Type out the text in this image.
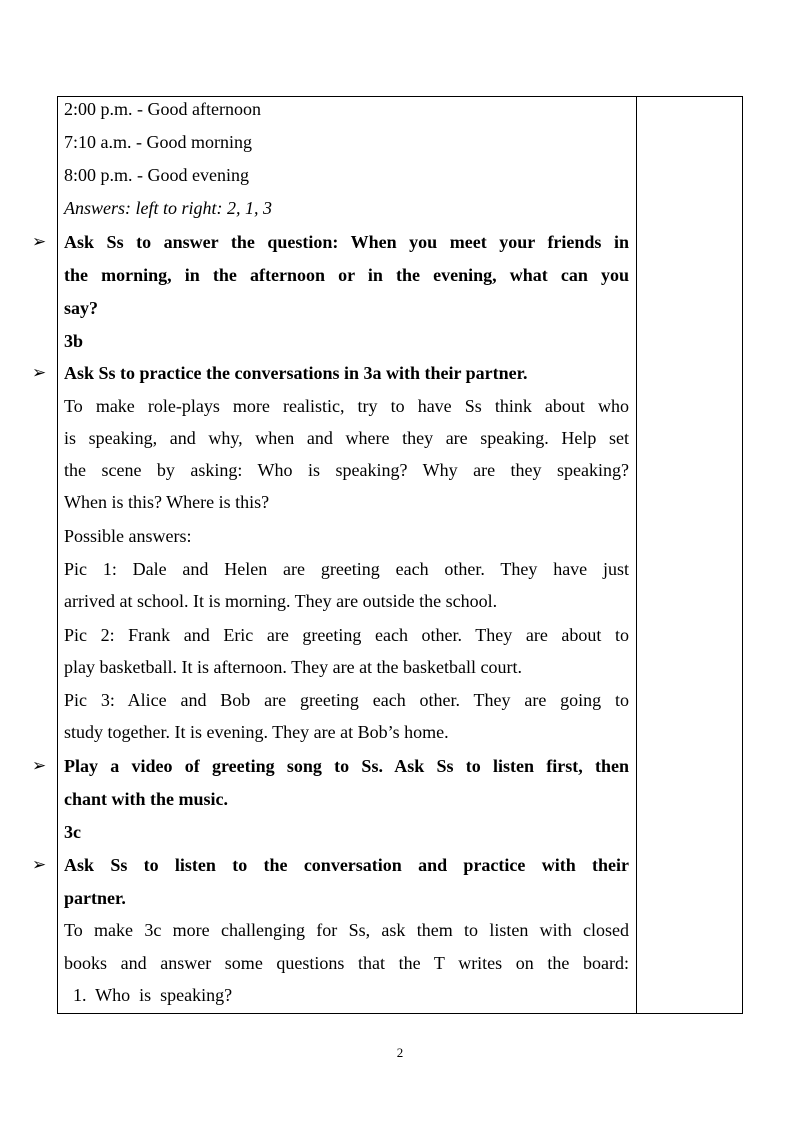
2:00 p.m. - Good afternoon
7:10 a.m. - Good morning
8:00 p.m. - Good evening
Answers: left to right: 2, 1, 3
➢ Ask Ss to answer the question: When you meet your friends in
the morning, in the afternoon or in the evening, what can you
say?
3b
➢ Ask Ss to practice the conversations in 3a with their partner.
To make role-plays more realistic, try to have Ss think about who
is speaking, and why, when and where they are speaking. Help set
the scene by asking: Who is speaking? Why are they speaking?
When is this? Where is this?
Possible answers:
Pic 1: Dale and Helen are greeting each other. They have just
arrived at school. It is morning. They are outside the school.
Pic 2: Frank and Eric are greeting each other. They are about to
play basketball. It is afternoon. They are at the basketball court.
Pic 3: Alice and Bob are greeting each other. They are going to
study together. It is evening. They are at Bob’s home.
➢ Play a video of greeting song to Ss. Ask Ss to listen first, then
chant with the music.
3c
➢ Ask Ss to listen to the conversation and practice with their
partner.
To make 3c more challenging for Ss, ask them to listen with closed
books and answer some questions that the T writes on the board:
1.  Who  is  speaking?
2
